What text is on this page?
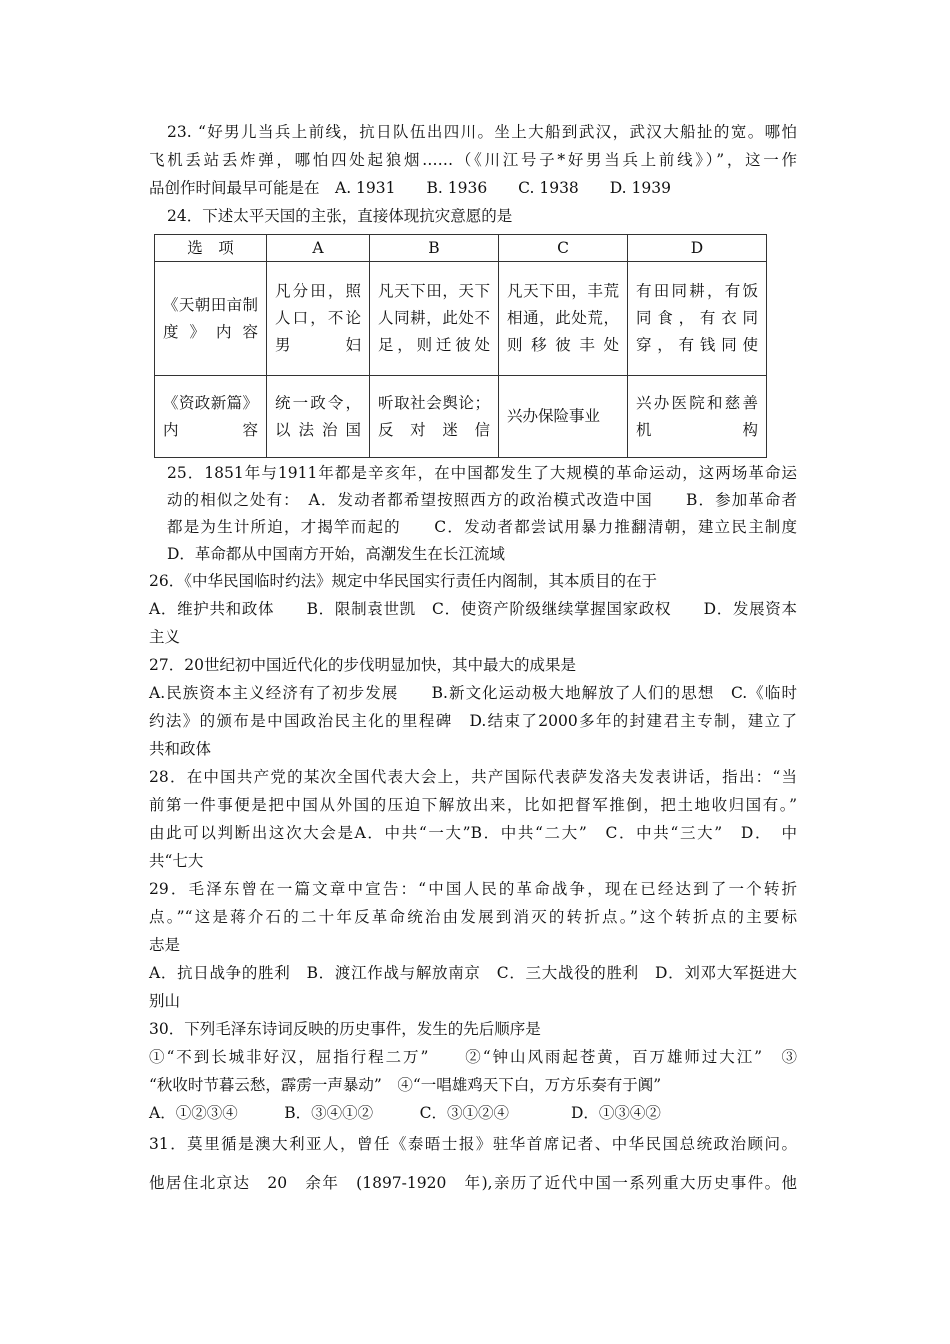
23. “好男儿当兵上前线，抗日队伍出四川。坐上大船到武汉，武汉大船扯的宽。哪怕
飞机丢站丢炸弹，哪怕四处起狼烟……（《川江号子*好男当兵上前线》）”，这一作
品创作时间最早可能是在　A. 1931　　B. 1936　　C. 1938　　D. 1939
24．下述太平天国的主张，直接体现抗灾意愿的是
选　项	A	B	C	D
《天朝田亩制度》内容	凡分田，照人口，不论男妇	凡天下田，天下人同耕，此处不足，则迁彼处	凡天下田，丰荒相通，此处荒，则移彼丰处	有田同耕，有饭同食，有衣同穿，有钱同使
《资政新篇》内容	统一政令，以法治国	听取社会舆论；反对迷信	兴办保险事业	兴办医院和慈善机构
25．1851年与1911年都是辛亥年，在中国都发生了大规模的革命运动，这两场革命运
动的相似之处有：　A．发动者都希望按照西方的政治模式改造中国　　B．参加革命者
都是为生计所迫，才揭竿而起的　　C．发动者都尝试用暴力推翻清朝，建立民主制度
D．革命都从中国南方开始，高潮发生在长江流域
26．《中华民国临时约法》规定中华民国实行责任内阁制，其本质目的在于
A．维护共和政体　　B．限制袁世凯　C．使资产阶级继续掌握国家政权　　D．发展资本
主义
27．20世纪初中国近代化的步伐明显加快，其中最大的成果是
A.民族资本主义经济有了初步发展　　B.新文化运动极大地解放了人们的思想　C.《临时
约法》的颁布是中国政治民主化的里程碑　D.结束了2000多年的封建君主专制，建立了
共和政体
28．在中国共产党的某次全国代表大会上，共产国际代表萨发洛夫发表讲话，指出：“当
前第一件事便是把中国从外国的压迫下解放出来，比如把督军推倒，把土地收归国有。”
由此可以判断出这次大会是A．中共“一大”B．中共“二大”　C．中共“三大”　D．　中
共“七大
29．毛泽东曾在一篇文章中宣告：“中国人民的革命战争，现在已经达到了一个转折
点。”“这是蒋介石的二十年反革命统治由发展到消灭的转折点。”这个转折点的主要标
志是
A．抗日战争的胜利　B．渡江作战与解放南京　C．三大战役的胜利　D．刘邓大军挺进大
别山
30．下列毛泽东诗词反映的历史事件，发生的先后顺序是
①“不到长城非好汉，屈指行程二万”　　②“钟山风雨起苍黄，百万雄师过大江”　③
“秋收时节暮云愁，霹雳一声暴动”　④“一唱雄鸡天下白，万方乐奏有于阗”
A．①②③④　　　B．③④①②　　　C．③①②④　　　　D．①③④②
31．莫里循是澳大利亚人，曾任《泰晤士报》驻华首席记者、中华民国总统政治顾问。
他居住北京达　20　余年　(1897-1920　年),亲历了近代中国一系列重大历史事件。他
